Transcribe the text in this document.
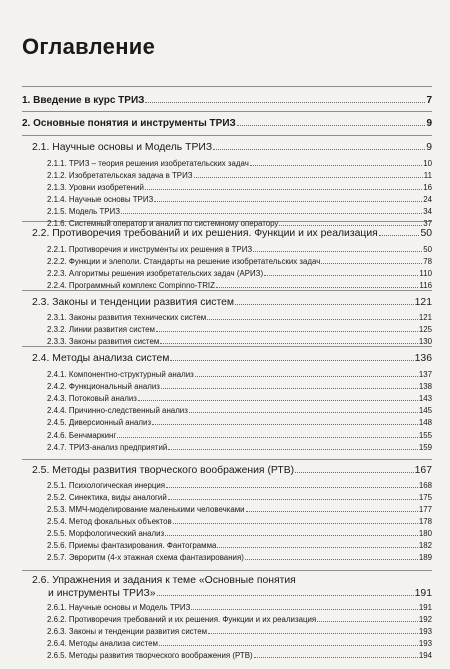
Оглавление
1. Введение в курс ТРИЗ	7
2. Основные понятия и инструменты ТРИЗ	9
2.1. Научные основы и Модель ТРИЗ	9
2.1.1. ТРИЗ – теория решения изобретательских задач	10
2.1.2. Изобретательская задача в ТРИЗ	11
2.1.3. Уровни изобретений	16
2.1.4. Научные основы ТРИЗ	24
2.1.5. Модель ТРИЗ	34
2.1.6. Системный оператор и анализ по системному оператору	37
2.2. Противоречия требований и их решения. Функции и их реализация	50
2.2.1. Противоречия и инструменты их решения в ТРИЗ	50
2.2.2. Функции и элеполи. Стандарты на решение изобретательских задач	78
2.2.3. Алгоритмы решения изобретательских задач (АРИЗ)	110
2.2.4. Программный комплекс Compinno-TRIZ	116
2.3. Законы и тенденции развития систем	121
2.3.1. Законы развития технических систем	121
2.3.2. Линии развития систем	125
2.3.3. Законы развития систем	130
2.4. Методы анализа систем	136
2.4.1. Компонентно-структурный анализ	137
2.4.2. Функциональный анализ	138
2.4.3. Потоковый анализ	143
2.4.4. Причинно-следственный анализ	145
2.4.5. Диверсионный анализ	148
2.4.6. Бенчмаркинг	155
2.4.7. ТРИЗ-анализ предприятий	159
2.5. Методы развития творческого воображения (РТВ)	167
2.5.1. Психологическая инерция	168
2.5.2. Синектика, виды аналогий	175
2.5.3. ММЧ-моделирование маленькими человечками	177
2.5.4. Метод фокальных объектов	178
2.5.5. Морфологический анализ	180
2.5.6. Приемы фантазирования. Фантограмма	182
2.5.7. Эвроритм (4-х этажная схема фантазирования)	189
2.6. Упражнения и задания к теме «Основные понятия
и инструменты ТРИЗ»	191
2.6.1. Научные основы и Модель ТРИЗ	191
2.6.2. Противоречия требований и их решения. Функции и их реализация	192
2.6.3. Законы и тенденции развития систем	193
2.6.4. Методы анализа систем	193
2.6.5. Методы развития творческого воображения (РТВ)	194
